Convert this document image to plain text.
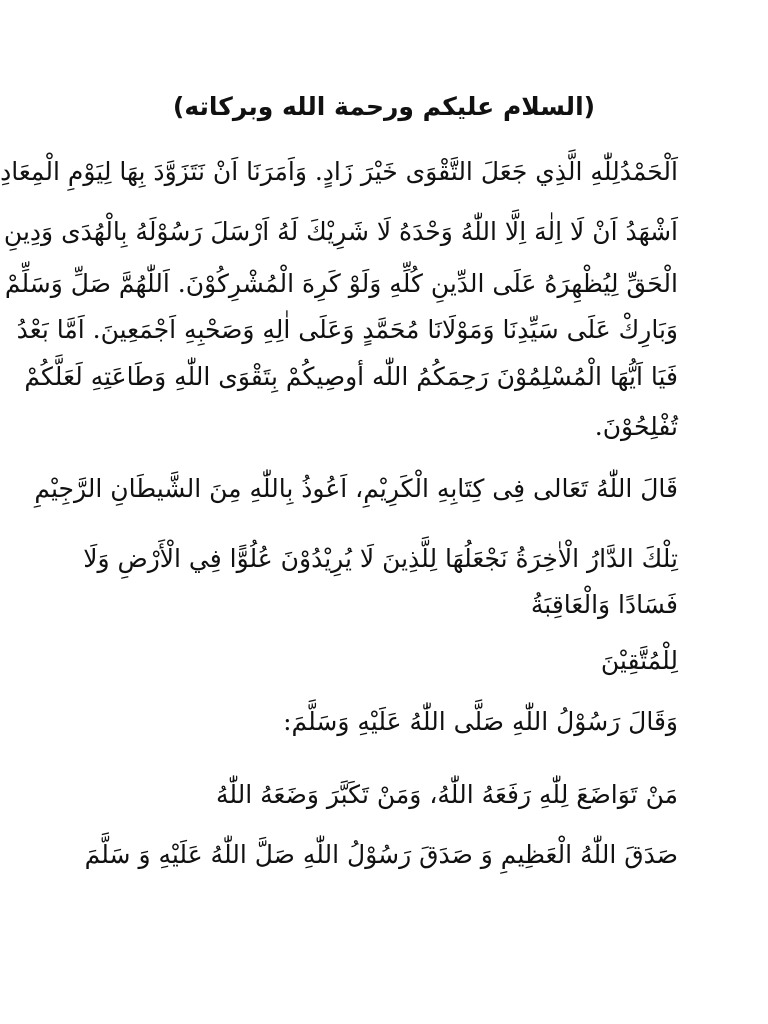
(السلام عليكم ورحمة الله وبركاته)
اَلْحَمْدُلِلّٰهِ الَّذِي جَعَلَ التَّقْوَى خَيْرَ زَادٍ. وَاَمَرَنَا اَنْ نَتَزَوَّدَ بِهَا لِيَوْمِ الْمِعَادِ
اَشْهَدُ اَنْ لَا اِلٰهَ اِلَّا اللّٰهُ وَحْدَهُ لَا شَرِيْكَ لَهُ اَرْسَلَ رَسُوْلَهُ بِالْهُدَى وَدِينِ
الْحَقِّ لِيُظْهِرَهُ عَلَى الدِّينِ كُلِّهِ وَلَوْ كَرِهَ الْمُشْرِكُوْنَ. اَللّٰهُمَّ صَلِّ وَسَلِّمْ
وَبَارِكْ عَلَى سَيِّدِنَا وَمَوْلَانَا مُحَمَّدٍ وَعَلَى اٰلِهِ وَصَحْبِهِ اَجْمَعِينَ. اَمَّا بَعْدُ
فَيَا اَيُّهَا الْمُسْلِمُوْنَ رَحِمَكُمُ اللّٰه أوصِيكُمْ بِتَقْوَى اللّٰهِ وَطَاعَتِهِ لَعَلَّكُمْ
تُفْلِحُوْنَ.
قَالَ اللّٰهُ تَعَالى فِى كِتَابِهِ الْكَرِيْمِ، اَعُوذُ بِاللّٰهِ مِنَ الشَّيطَانِ الرَّجِيْمِ
تِلْكَ الدَّارُ الْاٰخِرَةُ نَجْعَلُهَا لِلَّذِينَ لَا يُرِيْدُوْنَ عُلُوًّا فِي الْأَرْضِ وَلَا
فَسَادًا وَالْعَاقِبَةُ
لِلْمُتَّقِيْنَ
وَقَالَ رَسُوْلُ اللّٰهِ صَلَّى اللّٰهُ عَلَيْهِ وَسَلَّمَ:
مَنْ تَوَاضَعَ لِلّٰهِ رَفَعَهُ اللّٰهُ، وَمَنْ تَكَبَّرَ وَضَعَهُ اللّٰهُ
صَدَقَ اللّٰهُ الْعَظِيمِ وَ صَدَقَ رَسُوْلُ اللّٰهِ صَلَّ اللّٰهُ عَلَيْهِ وَ سَلَّمَ
